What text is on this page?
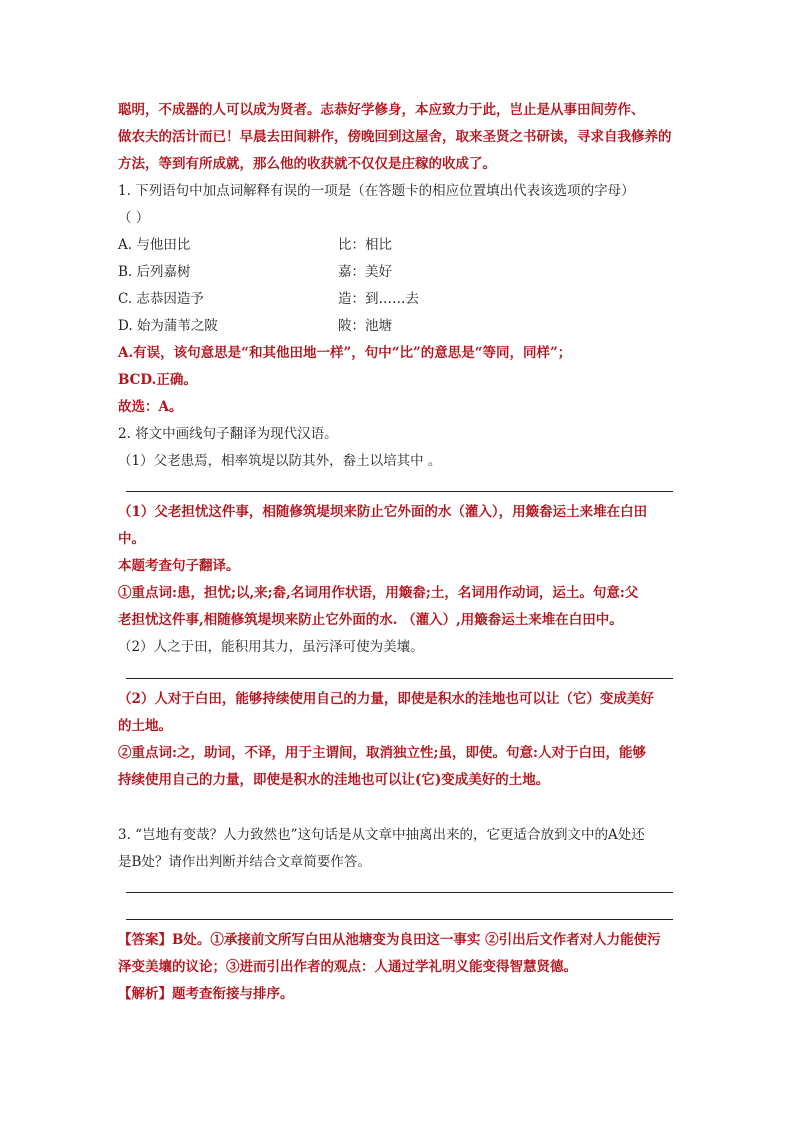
聪明，不成器的人可以成为贤者。志恭好学修身，本应致力于此，岂止是从事田间劳作、
做农夫的活计而已！早晨去田间耕作，傍晚回到这屋舍，取来圣贤之书研读，寻求自我修养的
方法，等到有所成就，那么他的收获就不仅仅是庄稼的收成了。
1. 下列语句中加点词解释有误的一项是（在答题卡的相应位置填出代表该选项的字母）
（ ）
A. 与他田比	比：相比
B. 后列嘉树	嘉：美好
C. 志恭因造予	造：到……去
D. 始为蒲苇之陂	陂：池塘
A.有误，该句意思是“和其他田地一样”，句中“比”的意思是“等同，同样”；
BCD.正确。
故选：A。
2. 将文中画线句子翻译为现代汉语。
（1）父老患焉，相率筑堤以防其外，畚土以培其中 。
（1）父老担忧这件事，相随修筑堤坝来防止它外面的水（灌入），用簸畚运土来堆在白田
中。
本题考查句子翻译。
①重点词:患，担忧;以,来;畚,名词用作状语，用簸畚;土，名词用作动词，运土。句意:父
老担忧这件事,相随修筑堤坝来防止它外面的水. （灌入）,用簸畚运土来堆在白田中。
（2）人之于田，能积用其力，虽污泽可使为美壤。
（2）人对于白田，能够持续使用自己的力量，即使是积水的洼地也可以让（它）变成美好
的土地。
②重点词:之，助词，不译，用于主谓间，取消独立性;虽，即使。句意:人对于白田，能够
持续使用自己的力量，即使是积水的洼地也可以让(它)变成美好的土地。
3. “岂地有变哉？人力致然也”这句话是从文章中抽离出来的，它更适合放到文中的A处还
是B处？请作出判断并结合文章简要作答。
【答案】B处。①承接前文所写白田从池塘变为良田这一事实 ②引出后文作者对人力能使污
泽变美壤的议论；③进而引出作者的观点：人通过学礼明义能变得智慧贤德。
【解析】题考查衔接与排序。
